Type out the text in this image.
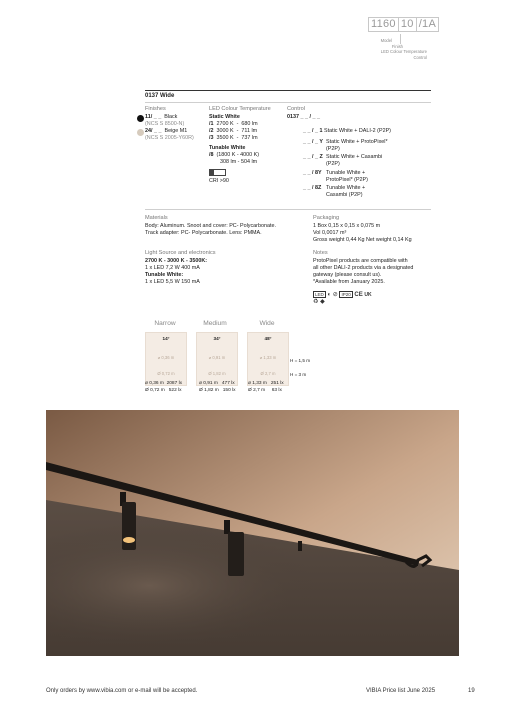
1160 10 /1A
Model
Finish
LED Colour Temperature
Control
0137 Wide
Finishes
11/ _ _ Black
(NCS S 8500-N)
24/ _ _ Beige M1
(NCS S 2005-Y60R)
LED Colour Temperature
Static White
/1 2700 K  -  680 lm
/2 3000 K  -  711 lm
/3 3500 K  -  737 lm
Tunable White
/8 (1800 K - 4000 K)
308 lm - 504 lm
CRI >90
Control
0137 _ _ / _ _
_ _ / _ 1 Static White + DALI-2 (P2P)
_ _ / _ Y Static White + ProtoPixel* (P2P)
_ _ / _ Z Static White + Casambi (P2P)
_ _ / 8Y Tunable White + ProtoPixel* (P2P)
_ _ / 8Z Tunable White + Casambi (P2P)
Materials
Body: Aluminum. Snoot and cover: PC- Polycarbonate.
Track adapter: PC- Polycarbonate. Lens: PMMA.
Light Source and electronics
2700 K - 3000 K - 3500K:
1 x LED 7,2 W 400 mA
Tunable White:
1 x LED 5,5 W 150 mA
Packaging
1 Box 0,15 x 0,15 x 0,075 m
Vol 0,0017 m³
Gross weight 0,44 Kg Net weight 0,14 Kg
Notes
ProtoPixel products are compatible with
all other DALI-2 products via a designated
gateway (please consult us).
*Available from January 2025.
LED ◐ ⊘ IP20 CE UK
♻ ◆
Narrow	Medium	Wide
14°
⌀ 0,36 m
Ø 0,72 m
34°
⌀ 0,91 m
Ø 1,82 m
48°
⌀ 1,33 m
Ø 2,7 m
H = 1,5 m
H = 3 m
⌀ 0,36 m 2087 lx
Ø 0,72 m 522 lx
⌀ 0,91 m 477 lx
Ø 1,82 m 150 lx
⌀ 1,33 m 251 lx
Ø 2,7 m 63 lx
Only orders by www.vibia.com or e-mail will be accepted.	VIBIA Price list June 2025	19
